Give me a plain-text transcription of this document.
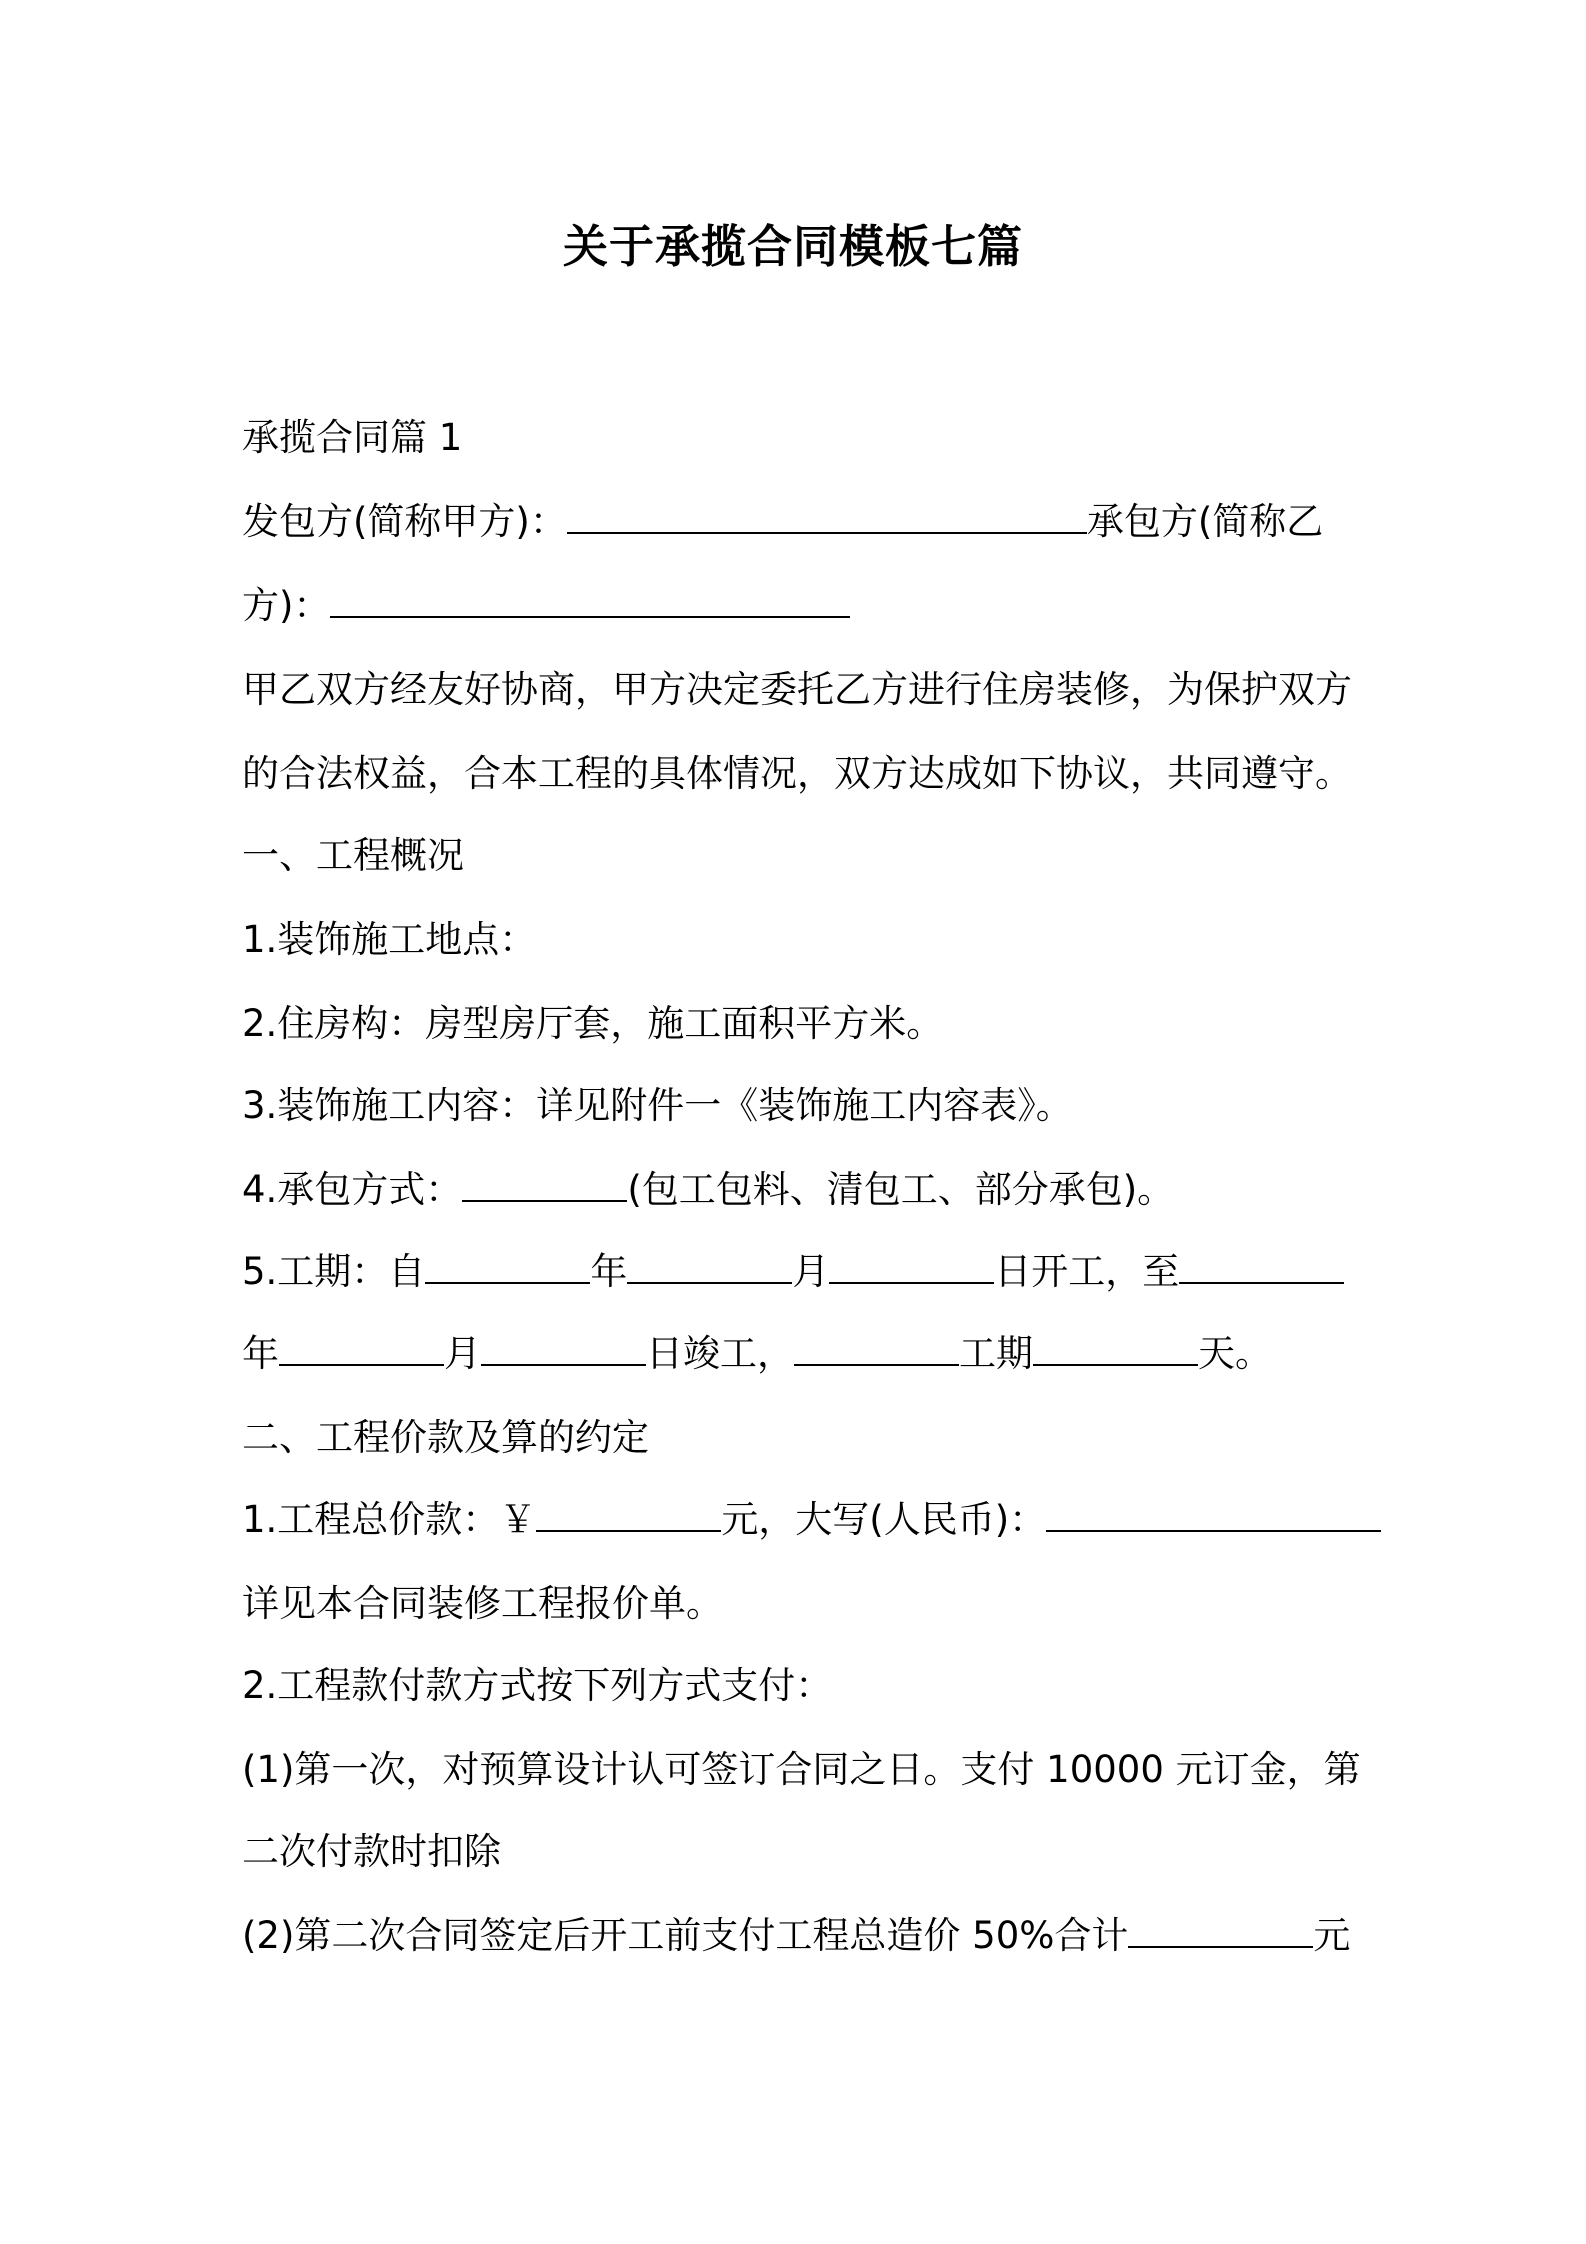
关于承揽合同模板七篇
承揽合同篇 1
发包方(简称甲方)：	承包方(简称乙
方)：
甲乙双方经友好协商，甲方决定委托乙方进行住房装修，为保护双方
的合法权益，合本工程的具体情况，双方达成如下协议，共同遵守。
一、工程概况
1.装饰施工地点：
2.住房构：房型房厅套，施工面积平方米。
3.装饰施工内容：详见附件一《装饰施工内容表》。
4.承包方式：	(包工包料、清包工、部分承包)。
5.工期：自	年	月	日开工，至
年	月	日竣工，	工期	天。
二、工程价款及算的约定
1.工程总价款：￥	元，大写(人民币)：
详见本合同装修工程报价单。
2.工程款付款方式按下列方式支付：
(1)第一次，对预算设计认可签订合同之日。支付 10000 元订金，第
二次付款时扣除
(2)第二次合同签定后开工前支付工程总造价 50%合计	元
